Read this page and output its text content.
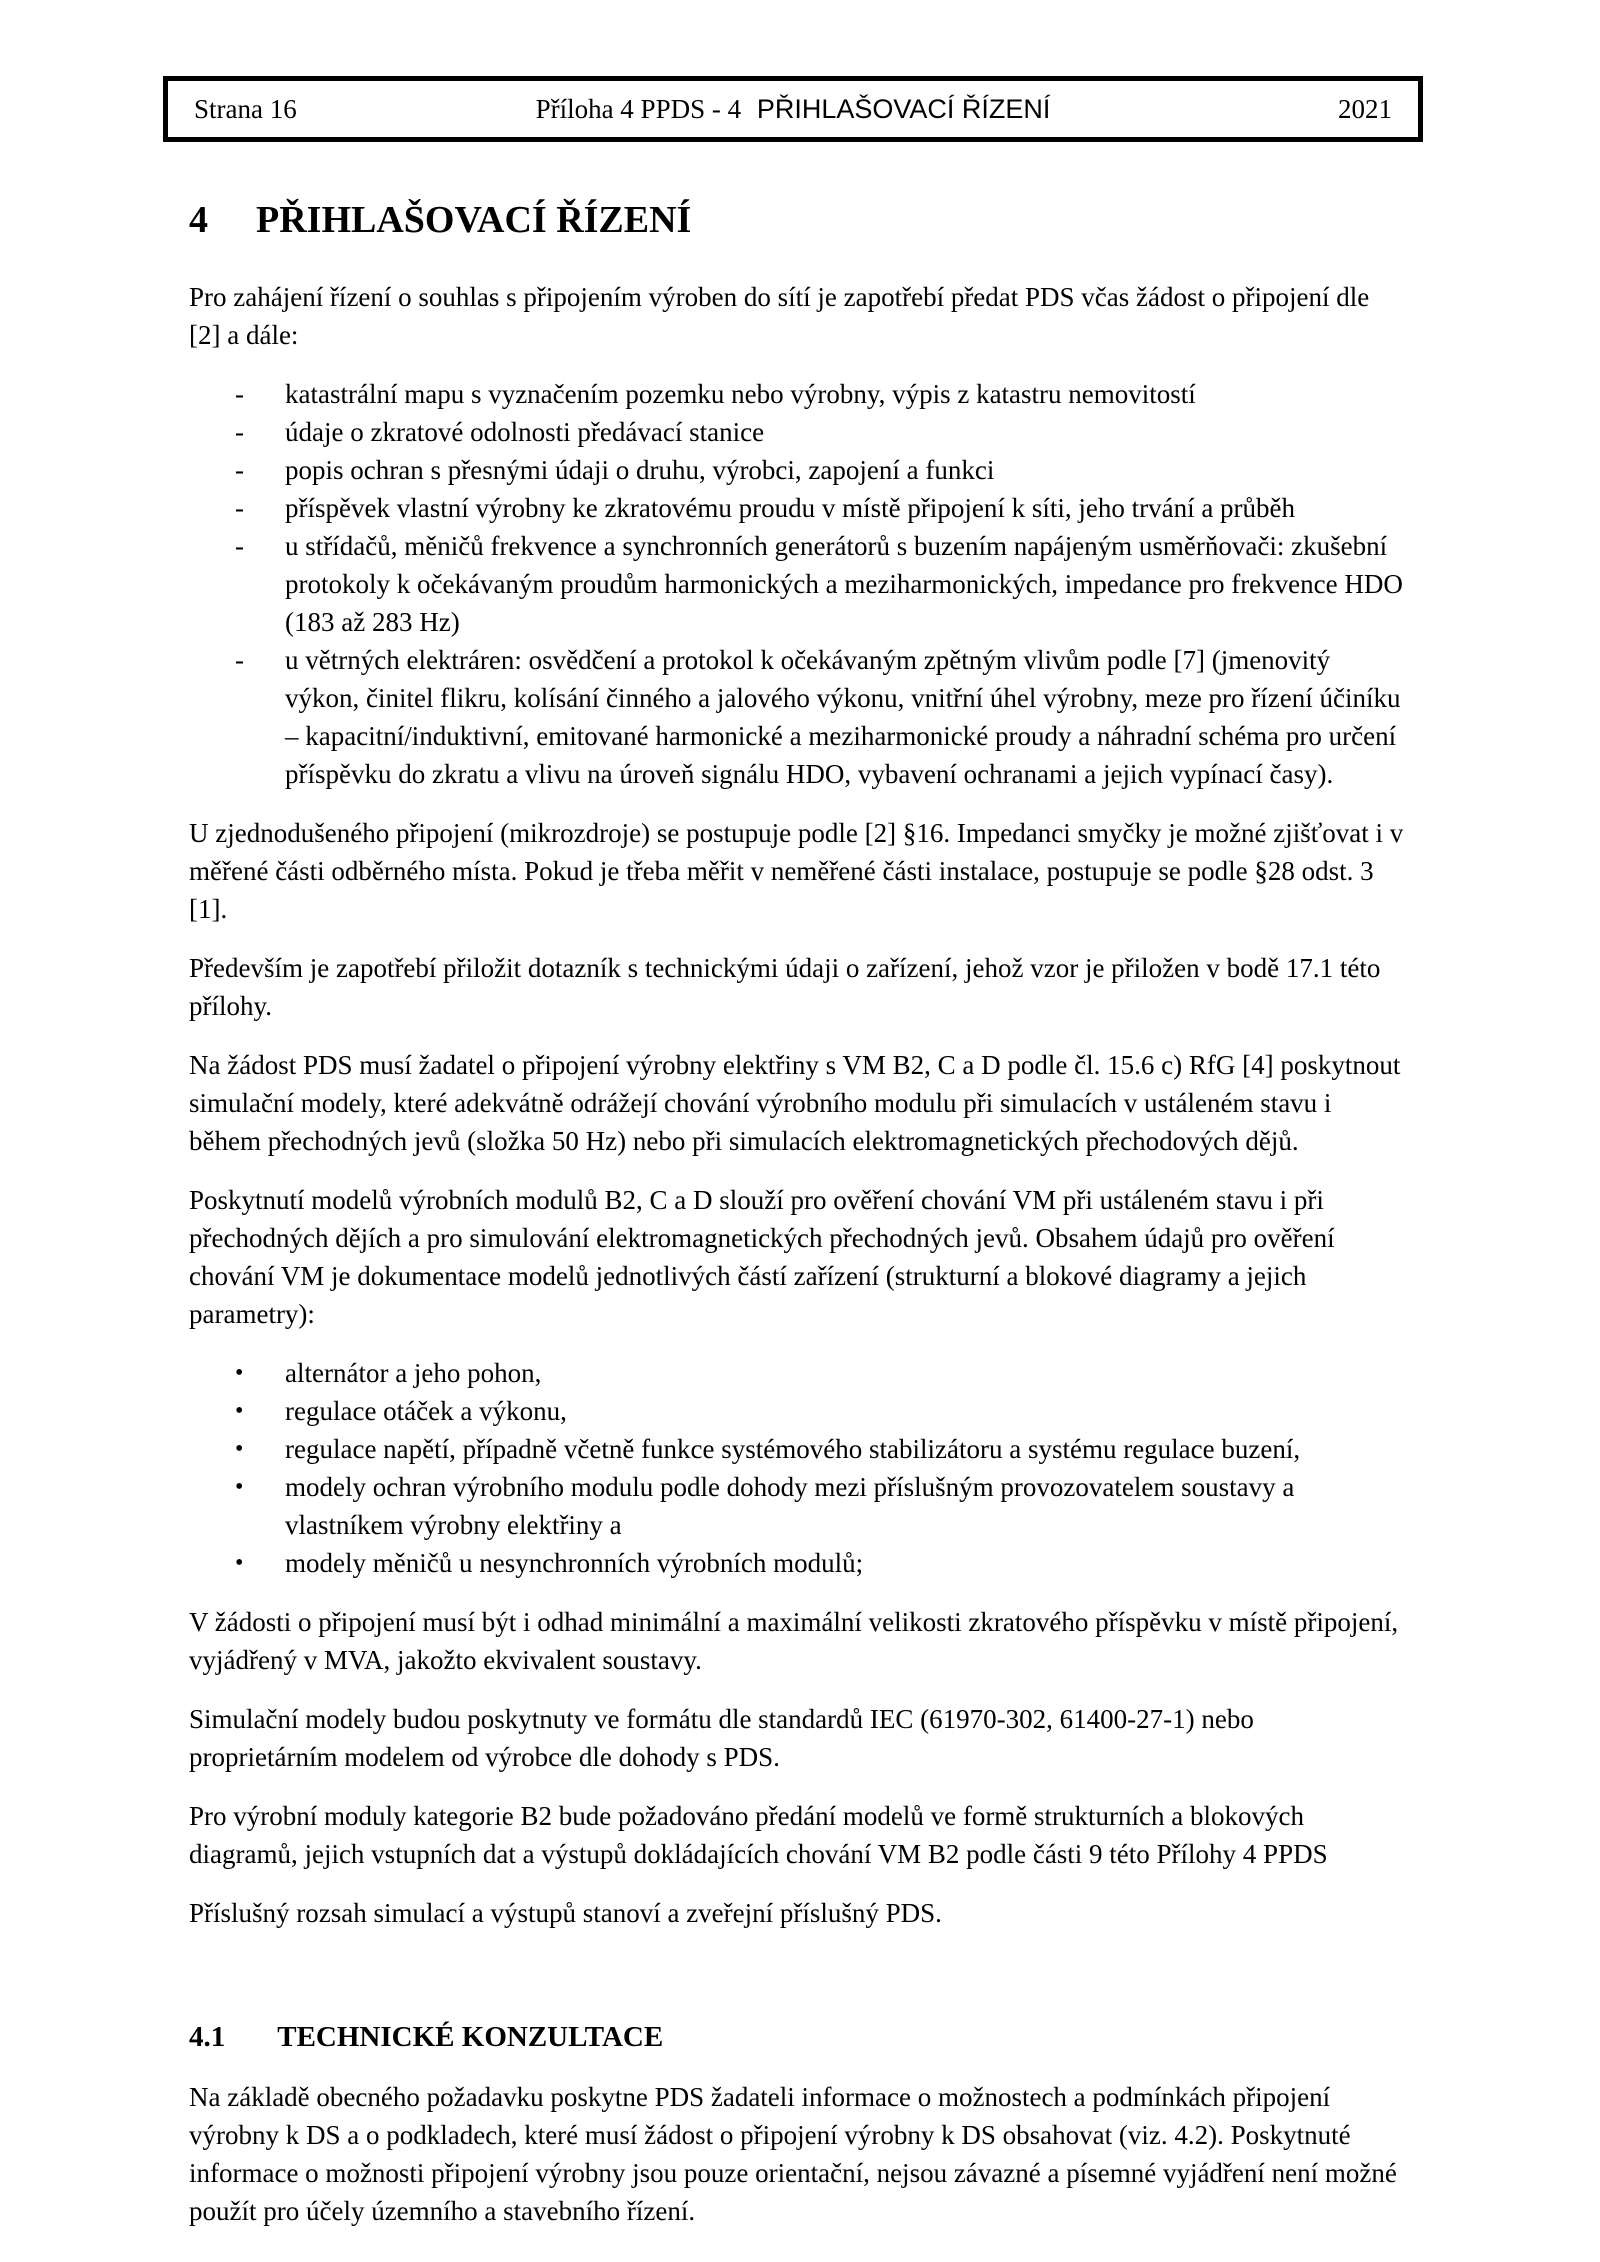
Strana 16	Příloha 4 PPDS - 4 PŘIHLAŠOVACÍ ŘÍZENÍ	2021
4 PŘIHLAŠOVACÍ ŘÍZENÍ

Pro zahájení řízení o souhlas s připojením výroben do sítí je zapotřebí předat PDS včas žádost o připojení dle [2] a dále:

-	katastrální mapu s vyznačením pozemku nebo výrobny, výpis z katastru nemovitostí
-	údaje o zkratové odolnosti předávací stanice
-	popis ochran s přesnými údaji o druhu, výrobci, zapojení a funkci
-	příspěvek vlastní výrobny ke zkratovému proudu v místě připojení k síti, jeho trvání a průběh
-	u střídačů, měničů frekvence a synchronních generátorů s buzením napájeným usměrňovači: zkušební protokoly k očekávaným proudům harmonických a meziharmonických, impedance pro frekvence HDO (183 až 283 Hz)
-	u větrných elektráren: osvědčení a protokol k očekávaným zpětným vlivům podle [7] (jmenovitý výkon, činitel flikru, kolísání činného a jalového výkonu, vnitřní úhel výrobny, meze pro řízení účiníku – kapacitní/induktivní, emitované harmonické a meziharmonické proudy a náhradní schéma pro určení příspěvku do zkratu a vlivu na úroveň signálu HDO, vybavení ochranami a jejich vypínací časy).

U zjednodušeného připojení (mikrozdroje) se postupuje podle [2] §16. Impedanci smyčky je možné zjišťovat i v měřené části odběrného místa. Pokud je třeba měřit v neměřené části instalace, postupuje se podle §28 odst. 3 [1].

Především je zapotřebí přiložit dotazník s technickými údaji o zařízení, jehož vzor je přiložen v bodě 17.1 této přílohy.

Na žádost PDS musí žadatel o připojení výrobny elektřiny s VM B2, C a D podle čl. 15.6 c) RfG [4] poskytnout simulační modely, které adekvátně odrážejí chování výrobního modulu při simulacích v ustáleném stavu i během přechodných jevů (složka 50 Hz) nebo při simulacích elektromagnetických přechodových dějů.

Poskytnutí modelů výrobních modulů B2, C a D slouží pro ověření chování VM při ustáleném stavu i při přechodných dějích a pro simulování elektromagnetických přechodných jevů. Obsahem údajů pro ověření chování VM je dokumentace modelů jednotlivých částí zařízení (strukturní a blokové diagramy a jejich parametry):

•	alternátor a jeho pohon,
•	regulace otáček a výkonu,
•	regulace napětí, případně včetně funkce systémového stabilizátoru a systému regulace buzení,
•	modely ochran výrobního modulu podle dohody mezi příslušným provozovatelem soustavy a vlastníkem výrobny elektřiny a
•	modely měničů u nesynchronních výrobních modulů;

V žádosti o připojení musí být i odhad minimální a maximální velikosti zkratového příspěvku v místě připojení, vyjádřený v MVA, jakožto ekvivalent soustavy.

Simulační modely budou poskytnuty ve formátu dle standardů IEC (61970-302, 61400-27-1) nebo proprietárním modelem od výrobce dle dohody s PDS.

Pro výrobní moduly kategorie B2 bude požadováno předání modelů ve formě strukturních a blokových diagramů, jejich vstupních dat a výstupů dokládajících chování VM B2 podle části 9 této Přílohy 4 PPDS

Příslušný rozsah simulací a výstupů stanoví a zveřejní příslušný PDS.

4.1 TECHNICKÉ KONZULTACE

Na základě obecného požadavku poskytne PDS žadateli informace o možnostech a podmínkách připojení výrobny k DS a o podkladech, které musí žádost o připojení výrobny k DS obsahovat (viz. 4.2). Poskytnuté informace o možnosti připojení výrobny jsou pouze orientační, nejsou závazné a písemné vyjádření není možné použít pro účely územního a stavebního řízení.
